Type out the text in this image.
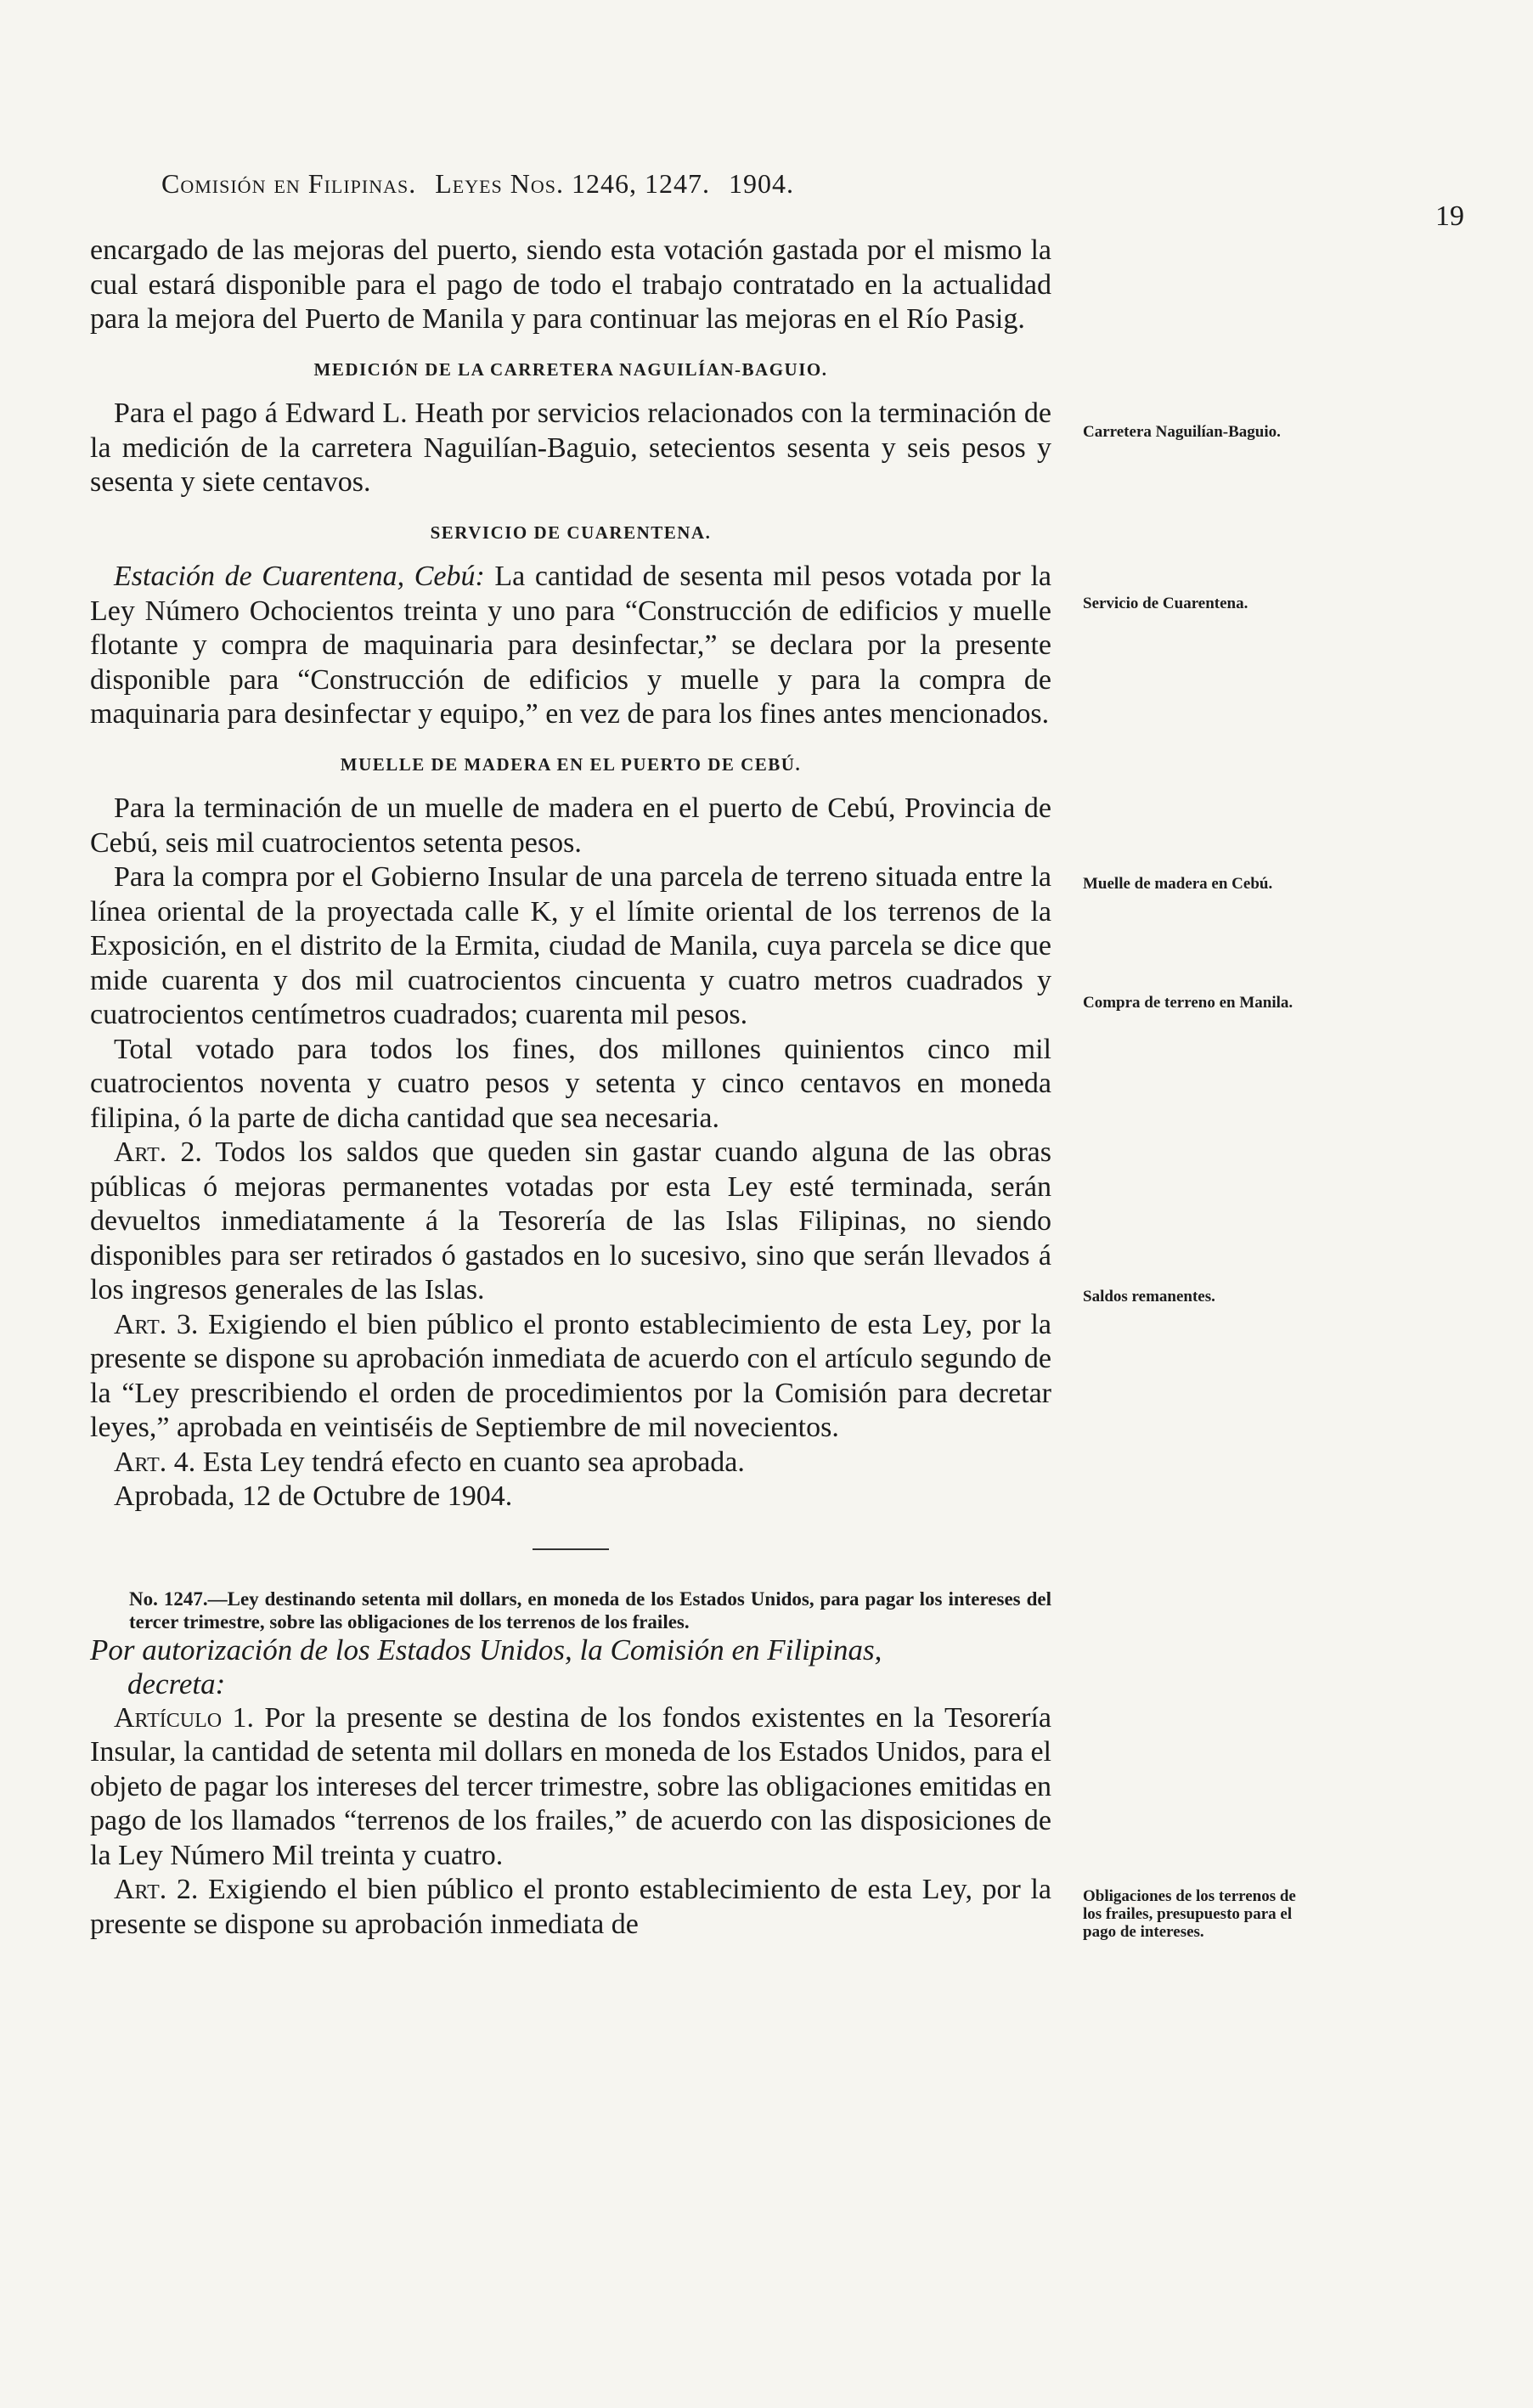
Comisión en Filipinas. Leyes Nos. 1246, 1247. 1904.
19

encargado de las mejoras del puerto, siendo esta votación gastada por el mismo la cual estará disponible para el pago de todo el trabajo contratado en la actualidad para la mejora del Puerto de Manila y para continuar las mejoras en el Río Pasig.

MEDICIÓN DE LA CARRETERA NAGUILÍAN-BAGUIO.

Para el pago á Edward L. Heath por servicios relacionados con la terminación de la medición de la carretera Naguilían-Baguio, setecientos sesenta y seis pesos y sesenta y siete centavos.

SERVICIO DE CUARENTENA.

Estación de Cuarentena, Cebú: La cantidad de sesenta mil pesos votada por la Ley Número Ochocientos treinta y uno para “Construcción de edificios y muelle flotante y compra de maquinaria para desinfectar,” se declara por la presente disponible para “Construcción de edificios y muelle y para la compra de maquinaria para desinfectar y equipo,” en vez de para los fines antes mencionados.

MUELLE DE MADERA EN EL PUERTO DE CEBÚ.

Para la terminación de un muelle de madera en el puerto de Cebú, Provincia de Cebú, seis mil cuatrocientos setenta pesos.

Para la compra por el Gobierno Insular de una parcela de terreno situada entre la línea oriental de la proyectada calle K, y el límite oriental de los terrenos de la Exposición, en el distrito de la Ermita, ciudad de Manila, cuya parcela se dice que mide cuarenta y dos mil cuatrocientos cincuenta y cuatro metros cuadrados y cuatrocientos centímetros cuadrados; cuarenta mil pesos.

Total votado para todos los fines, dos millones quinientos cinco mil cuatrocientos noventa y cuatro pesos y setenta y cinco centavos en moneda filipina, ó la parte de dicha cantidad que sea necesaria.

Art. 2. Todos los saldos que queden sin gastar cuando alguna de las obras públicas ó mejoras permanentes votadas por esta Ley esté terminada, serán devueltos inmediatamente á la Tesorería de las Islas Filipinas, no siendo disponibles para ser retirados ó gastados en lo sucesivo, sino que serán llevados á los ingresos generales de las Islas.

Art. 3. Exigiendo el bien público el pronto establecimiento de esta Ley, por la presente se dispone su aprobación inmediata de acuerdo con el artículo segundo de la “Ley prescribiendo el orden de procedimientos por la Comisión para decretar leyes,” aprobada en veintiséis de Septiembre de mil novecientos.

Art. 4. Esta Ley tendrá efecto en cuanto sea aprobada.

Aprobada, 12 de Octubre de 1904.

No. 1247.—Ley destinando setenta mil dollars, en moneda de los Estados Unidos, para pagar los intereses del tercer trimestre, sobre las obligaciones de los terrenos de los frailes.

Por autorización de los Estados Unidos, la Comisión en Filipinas,
decreta:

Artículo 1. Por la presente se destina de los fondos existentes en la Tesorería Insular, la cantidad de setenta mil dollars en moneda de los Estados Unidos, para el objeto de pagar los intereses del tercer trimestre, sobre las obligaciones emitidas en pago de los llamados “terrenos de los frailes,” de acuerdo con las disposiciones de la Ley Número Mil treinta y cuatro.

Art. 2. Exigiendo el bien público el pronto establecimiento de esta Ley, por la presente se dispone su aprobación inmediata de

Carretera Naguilían-Baguio.
Servicio de Cuarentena.
Muelle de madera en Cebú.
Compra de terreno en Manila.
Saldos remanentes.
Obligaciones de los terrenos de los frailes, presupuesto para el pago de intereses.
